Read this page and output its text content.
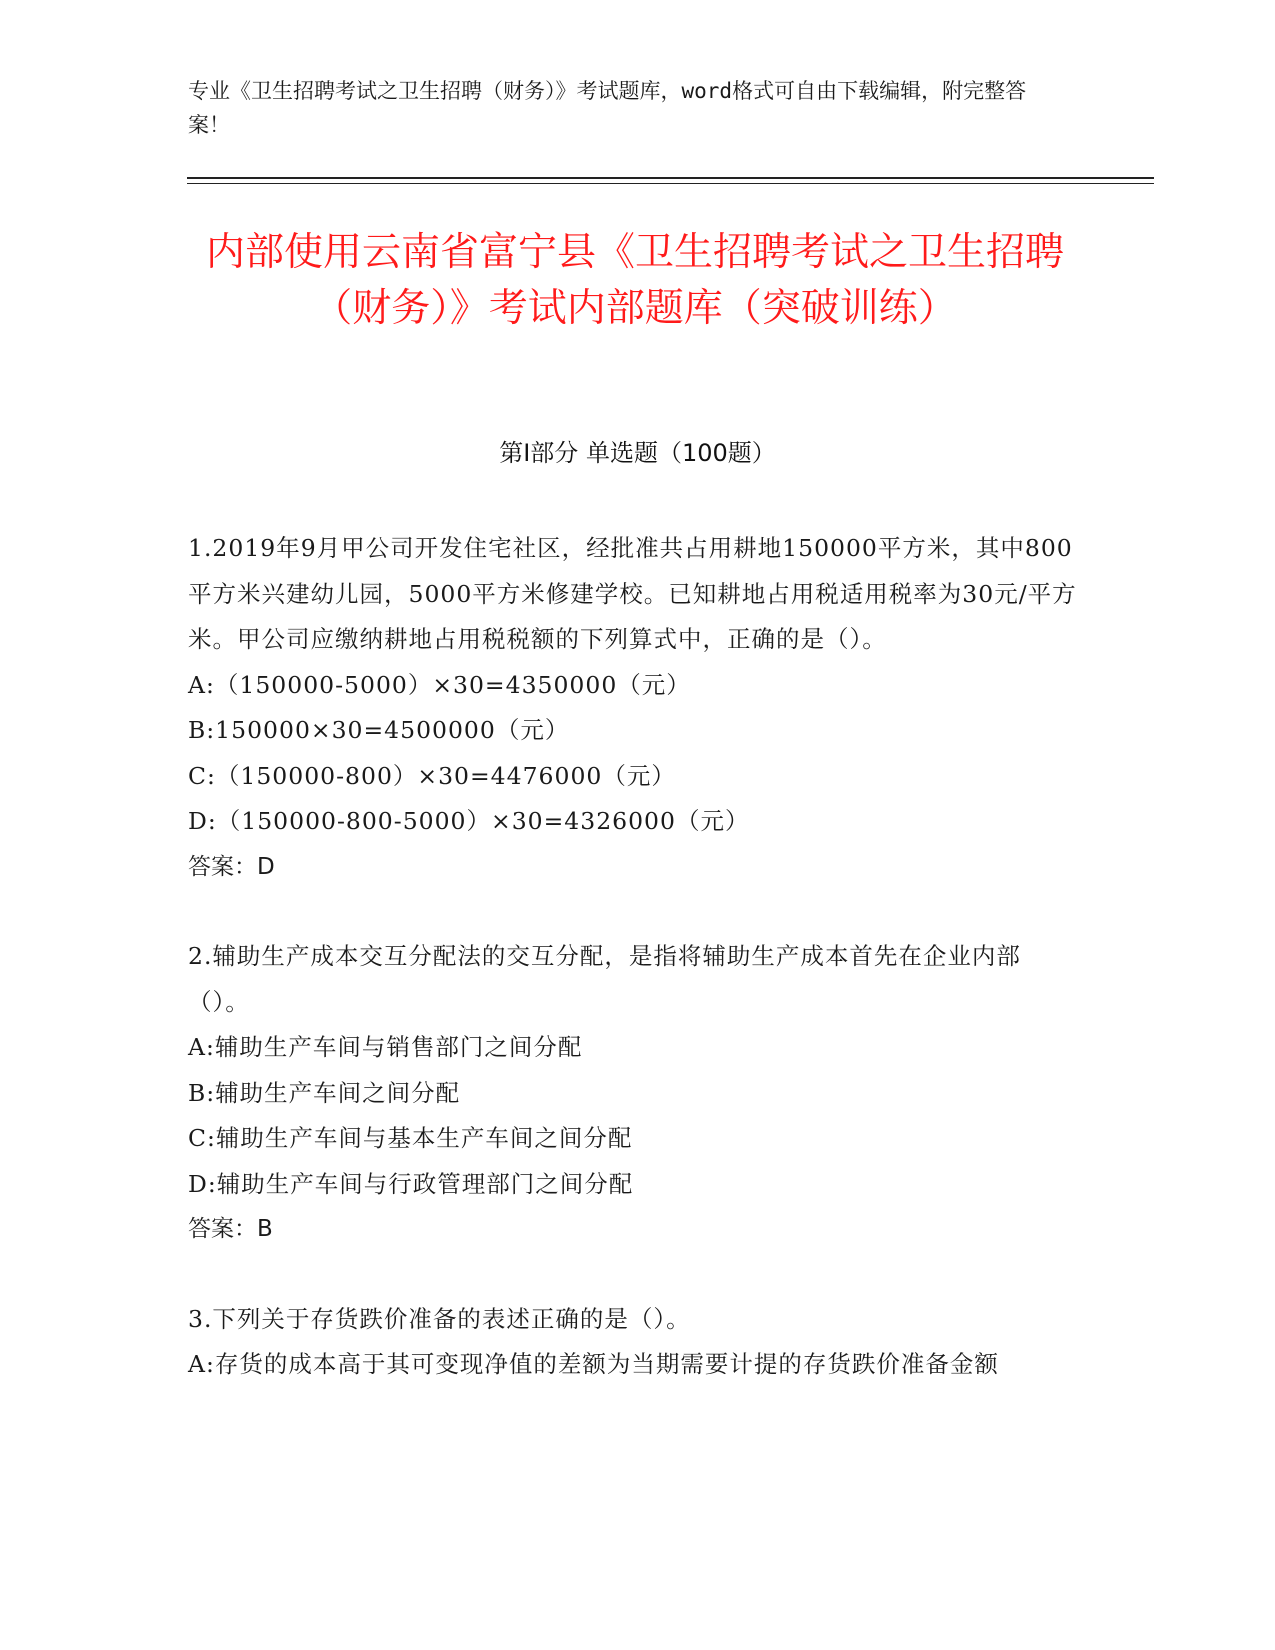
专业《卫生招聘考试之卫生招聘（财务）》考试题库，word格式可自由下载编辑，附完整答案！
内部使用云南省富宁县《卫生招聘考试之卫生招聘（财务）》考试内部题库（突破训练）
第I部分 单选题（100题）

1.2019年9月甲公司开发住宅社区，经批准共占用耕地150000平方米，其中800平方米兴建幼儿园，5000平方米修建学校。已知耕地占用税适用税率为30元/平方米。甲公司应缴纳耕地占用税税额的下列算式中，正确的是（）。

A:（150000-5000）×30=4350000（元）

B:150000×30=4500000（元）

C:（150000-800）×30=4476000（元）

D:（150000-800-5000）×30=4326000（元）

答案：D

2.辅助生产成本交互分配法的交互分配，是指将辅助生产成本首先在企业内部（）。

A:辅助生产车间与销售部门之间分配

B:辅助生产车间之间分配

C:辅助生产车间与基本生产车间之间分配

D:辅助生产车间与行政管理部门之间分配

答案：B

3.下列关于存货跌价准备的表述正确的是（）。

A:存货的成本高于其可变现净值的差额为当期需要计提的存货跌价准备金额
